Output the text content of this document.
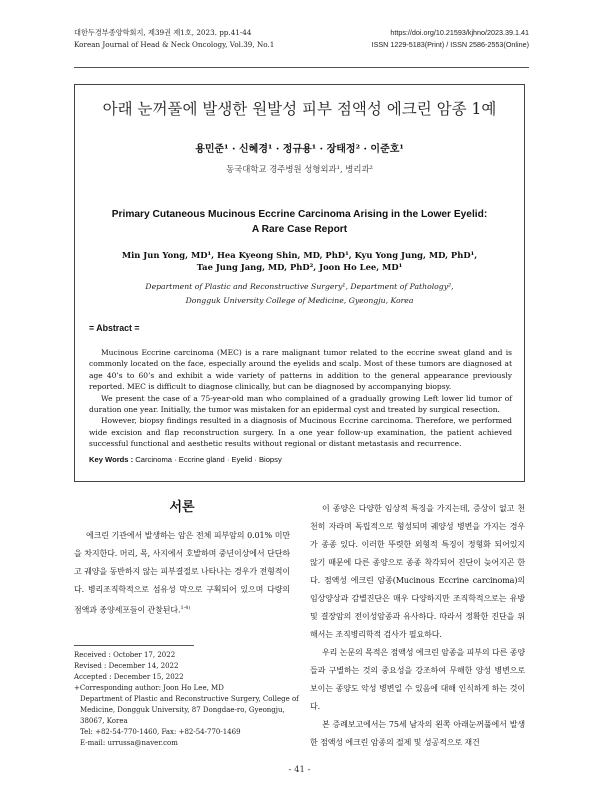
대한두경부종양학회지, 제39권 제1호, 2023. pp.41-44
Korean Journal of Head & Neck Oncology, Vol.39, No.1
https://doi.org/10.21593/kjhno/2023.39.1.41
ISSN 1229-5183(Print) / ISSN 2586-2553(Online)
아래 눈꺼풀에 발생한 원발성 피부 점액성 에크린 암종 1예
용민준¹ · 신혜경¹ · 정규용¹ · 장태정² · 이준호¹
동국대학교 경주병원 성형외과¹, 병리과²
Primary Cutaneous Mucinous Eccrine Carcinoma Arising in the Lower Eyelid:
A Rare Case Report
Min Jun Yong, MD¹, Hea Kyeong Shin, MD, PhD¹, Kyu Yong Jung, MD, PhD¹,
Tae Jung Jang, MD, PhD², Joon Ho Lee, MD¹
Department of Plastic and Reconstructive Surgery¹, Department of Pathology²,
Dongguk University College of Medicine, Gyeongju, Korea
= Abstract =

Mucinous Eccrine carcinoma (MEC) is a rare malignant tumor related to the eccrine sweat gland and is commonly located on the face, especially around the eyelids and scalp. Most of these tumors are diagnosed at age 40’s to 60’s and exhibit a wide variety of patterns in addition to the general appearance previously reported. MEC is difficult to diagnose clinically, but can be diagnosed by accompanying biopsy.

We present the case of a 75-year-old man who complained of a gradually growing Left lower lid tumor of duration one year. Initially, the tumor was mistaken for an epidermal cyst and treated by surgical resection.

However, biopsy findings resulted in a diagnosis of Mucinous Eccrine carcinoma. Therefore, we performed wide excision and flap reconstruction surgery. In a one year follow-up examination, the patient achieved successful functional and aesthetic results without regional or distant metastasis and recurrence.

Key Words : Carcinoma · Eccrine gland · Eyelid · Biopsy
서론

에크린 기관에서 발생하는 암은 전체 피부암의 0.01% 미만을 차지한다. 머리, 목, 사지에서 호발하며 중년이상에서 단단하고 궤양을 동반하지 않는 피부결절로 나타나는 경우가 전형적이다. 병리조직학적으로 섬유성 막으로 구획되어 있으며 다량의 점액과 종양세포들이 관찰된다.$^{1-4)}$

Received : October 17, 2022
Revised : December 14, 2022
Accepted : December 15, 2022
+Corresponding author: Joon Ho Lee, MD
Department of Plastic and Reconstructive Surgery, College of
Medicine, Dongguk University, 87 Dongdae-ro, Gyeongju,
38067, Korea
Tel: +82-54-770-1460, Fax: +82-54-770-1469
E-mail: urrussa@naver.com

이 종양은 다양한 임상적 특징을 가지는데, 증상이 없고 천천히 자라며 독립적으로 형성되며 궤양성 병변을 가지는 경우가 종종 있다. 이러한 뚜렷한 외형적 특징이 정형화 되어있지 않기 때문에 다른 종양으로 종종 착각되어 진단이 늦어지곤 한다. 점액성 에크린 암종(Mucinous Eccrine carcinoma)의 임상양상과 감별진단은 매우 다양하지만 조직학적으로는 유방 및 결장암의 전이성암종과 유사하다. 따라서 정확한 진단을 위해서는 조직병리학적 검사가 필요하다.

우리 논문의 목적은 점액성 에크린 암종을 피부의 다른 종양들과 구별하는 것의 중요성을 강조하여 무해한 양성 병변으로 보이는 종양도 악성 병변일 수 있음에 대해 인식하게 하는 것이다.

본 증례보고에서는 75세 남자의 왼쪽 아래눈꺼풀에서 발생한 점액성 에크린 암종의 절제 및 성공적으로 재건

- 41 -
